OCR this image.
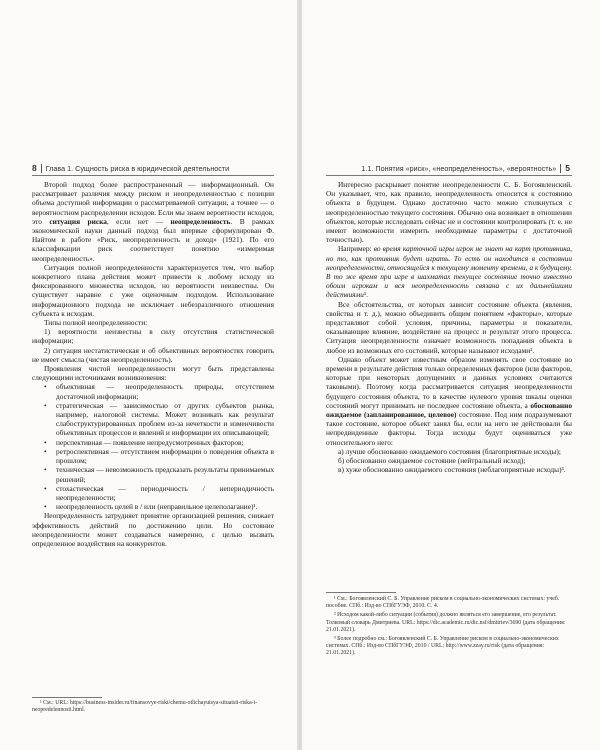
8 Глава 1. Сущность риска в юридической деятельности

Второй подход более распространенный — информационный. Он рассматривает различия между риском и неопределенностью с позиции объема доступной информации о рассматриваемой ситуации, а точнее — о вероятностном распределении исходов. Если мы знаем вероятности исходов, это ситуация риска, если нет — неопределенность. В рамках экономической науки данный подход был впервые сформулирован Ф. Найтом в работе «Риск, неопределенность и доход» (1921). По его классификации риск соответствует понятию «измеримая неопределенность».

Ситуация полной неопределенности характеризуется тем, что выбор конкретного плана действия может привести к любому исходу из фиксированного множества исходов, но вероятности неизвестны. Он существует наравне с уже оценочным подходом. Использование информационного подхода не исключает небезразличного отношения субъекта к исходам.

Типы полной неопределенности:

1) вероятности неизвестны в силу отсутствия статистической информации;

2) ситуация нестатистическая и об объективных вероятностях говорить не имеет смысла (чистая неопределенность).

Проявления чистой неопределенности могут быть представлены следующими источниками возникновения:

• объективная — неопределенность природы, отсутствием достаточной информации;
• стратегическая — зависимостью от других субъектов рынка, например, налоговой системы. Может возникать как результат слабоструктурированных проблем из-за нечеткости и изменчивости объективных процессов и явлений и информации их описывающей;
• перспективная — появление непредусмотренных факторов;
• ретроспективная — отсутствием информации о поведения объекта в прошлом;
• техническая — невозможность предсказать результаты принимаемых решений;
• стохастическая — периодичность / непериодичность неопределенности;
• неопределенность целей в / или (неправильное целеполагание)¹.

Неопределенность затрудняет принятие организацией решения, снижает эффективность действий по достижению цели. Но состояние неопределенности может создаваться намеренно, с целью вызвать определенное воздействия на конкурентов.

¹ См.: URL: https://business-insider.ru/finansovye-riski/chemu-otlichayutsya-situatsii-riska-i-neopredelennosti.html.

1.1. Понятия «риск», «неопределенность», «вероятность» 5

Интересно раскрывает понятие неопределенности С. Б. Богоявленский. Он указывает, что, как правило, неопределенность относится к состоянию объекта в будущем. Однако достаточно часто можно столкнуться с неопределенностью текущего состояния. Обычно она возникает в отношении объектов, которые исследовать сейчас не и состоянии контролировать (т. е. не имеют возможности измерить необходимые параметры с достаточной точностью).

Например: во время карточной игры игрок не знает на карт противника, но то, как противник будет играть. То есть он находится в состоянии неопределенности, относящейся к текущему моменту времени, а к будущему. В то же время при игре в шахматах текущее состояние точно известно обоим игрокам и вся неопределенность связана с их дальнейшими действиями¹.

Все обстоятельства, от которых зависит состояние объекта (явления, свойства и т. д.), можно объединить общим понятием «факторы», которые представляют собой условия, причины, параметры и показатели, оказывающие влияние, воздействие на процесс и результат этого процесса. Ситуация неопределенности означает возможность попадания объекта в любое из возможных его состояний, которые называют исходами².

Однако объект может известным образом изменять свое состояние во времени в результате действия только определенных факторов (или факторов, которые при некоторых допущениях и данных условиях считаются таковыми). Поэтому когда рассматривается ситуация неопределенности будущего состояния объекта, то в качестве нулевого уровня шкалы оценки состояний могут принимать не последнее состояние объекта, а обоснованно ожидаемое (запланированное, целевое) состояние. Под ним подразумевают такое состояние, которое объект занял бы, если на него не действовали бы непредвиденные факторы. Тогда исходы будут оцениваться уже относительного него:

а) лучше обоснованно ожидаемого состояния (благоприятные исходы);

б) обоснованно ожидаемое состояние (нейтральный исход);

в) хуже обоснованно ожидаемого состояния (неблагоприятные исходы)³.

¹ См.: Богоявленский С. Б. Управление риском в социально-экономических системах: учеб. пособие. СПб.: Изд-во СПбГУЭФ, 2010. С. 4.

² Исходом какой-либо ситуации (события) должно являться его завершение, его результат. Толковый словарь Дмитриева. URL: https://dic.academic.ru/dic.nsf/dmitriev/3690 (дата обращения: 21.01.2021).

³ Более подробно см.: Богоявленский С. Б. Управление риском в социально-экономических системах. СПб.: Изд-во СПбГУЭФ, 2010 / URL: http://www.zzay.ru/risk (дата обращения: 21.01.2021).
